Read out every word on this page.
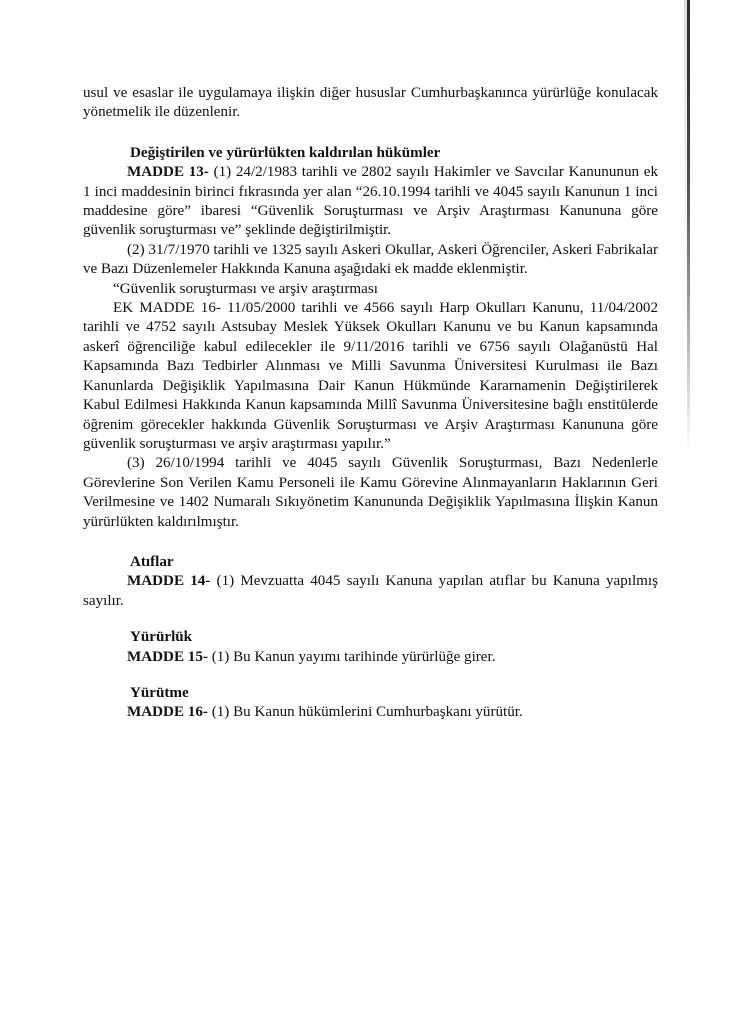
usul ve esaslar ile uygulamaya ilişkin diğer hususlar Cumhurbaşkanınca yürürlüğe konulacak yönetmelik ile düzenlenir.

Değiştirilen ve yürürlükten kaldırılan hükümler

MADDE 13- (1) 24/2/1983 tarihli ve 2802 sayılı Hakimler ve Savcılar Kanununun ek 1 inci maddesinin birinci fıkrasında yer alan “26.10.1994 tarihli ve 4045 sayılı Kanunun 1 inci maddesine göre” ibaresi “Güvenlik Soruşturması ve Arşiv Araştırması Kanununa göre güvenlik soruşturması ve” şeklinde değiştirilmiştir.

(2) 31/7/1970 tarihli ve 1325 sayılı Askeri Okullar, Askeri Öğrenciler, Askeri Fabrikalar ve Bazı Düzenlemeler Hakkında Kanuna aşağıdaki ek madde eklenmiştir.

“Güvenlik soruşturması ve arşiv araştırması

EK MADDE 16- 11/05/2000 tarihli ve 4566 sayılı Harp Okulları Kanunu, 11/04/2002 tarihli ve 4752 sayılı Astsubay Meslek Yüksek Okulları Kanunu ve bu Kanun kapsamında askerî öğrenciliğe kabul edilecekler ile 9/11/2016 tarihli ve 6756 sayılı Olağanüstü Hal Kapsamında Bazı Tedbirler Alınması ve Milli Savunma Üniversitesi Kurulması ile Bazı Kanunlarda Değişiklik Yapılmasına Dair Kanun Hükmünde Kararnamenin Değiştirilerek Kabul Edilmesi Hakkında Kanun kapsamında Millî Savunma Üniversitesine bağlı enstitülerde öğrenim görecekler hakkında Güvenlik Soruşturması ve Arşiv Araştırması Kanununa göre güvenlik soruşturması ve arşiv araştırması yapılır.”

(3) 26/10/1994 tarihli ve 4045 sayılı Güvenlik Soruşturması, Bazı Nedenlerle Görevlerine Son Verilen Kamu Personeli ile Kamu Görevine Alınmayanların Haklarının Geri Verilmesine ve 1402 Numaralı Sıkıyönetim Kanununda Değişiklik Yapılmasına İlişkin Kanun yürürlükten kaldırılmıştır.

Atıflar

MADDE 14- (1) Mevzuatta 4045 sayılı Kanuna yapılan atıflar bu Kanuna yapılmış sayılır.

Yürürlük

MADDE 15- (1) Bu Kanun yayımı tarihinde yürürlüğe girer.

Yürütme

MADDE 16- (1) Bu Kanun hükümlerini Cumhurbaşkanı yürütür.
